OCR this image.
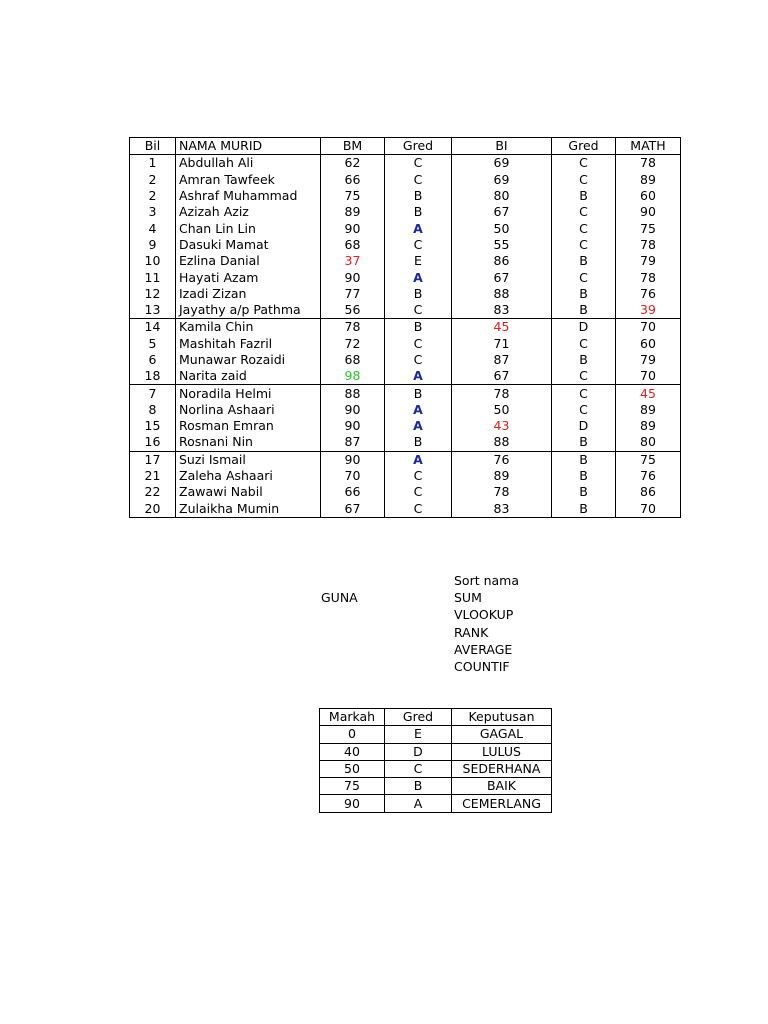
Bil	NAMA MURID	BM	Gred	BI	Gred	MATH
1	Abdullah Ali	62	C	69	C	78
2	Amran Tawfeek	66	C	69	C	89
2	Ashraf Muhammad	75	B	80	B	60
3	Azizah Aziz	89	B	67	C	90
4	Chan Lin Lin	90	A	50	C	75
9	Dasuki Mamat	68	C	55	C	78
10	Ezlina Danial	37	E	86	B	79
11	Hayati Azam	90	A	67	C	78
12	Izadi Zizan	77	B	88	B	76
13	Jayathy a/p Pathma	56	C	83	B	39
14	Kamila Chin	78	B	45	D	70
5	Mashitah Fazril	72	C	71	C	60
6	Munawar Rozaidi	68	C	87	B	79
18	Narita zaid	98	A	67	C	70
7	Noradila Helmi	88	B	78	C	45
8	Norlina Ashaari	90	A	50	C	89
15	Rosman Emran	90	A	43	D	89
16	Rosnani Nin	87	B	88	B	80
17	Suzi Ismail	90	A	76	B	75
21	Zaleha Ashaari	70	C	89	B	76
22	Zawawi Nabil	66	C	78	B	86
20	Zulaikha Mumin	67	C	83	B	70
GUNA
Sort nama
SUM
VLOOKUP
RANK
AVERAGE
COUNTIF
Markah	Gred	Keputusan
0	E	GAGAL
40	D	LULUS
50	C	SEDERHANA
75	B	BAIK
90	A	CEMERLANG
